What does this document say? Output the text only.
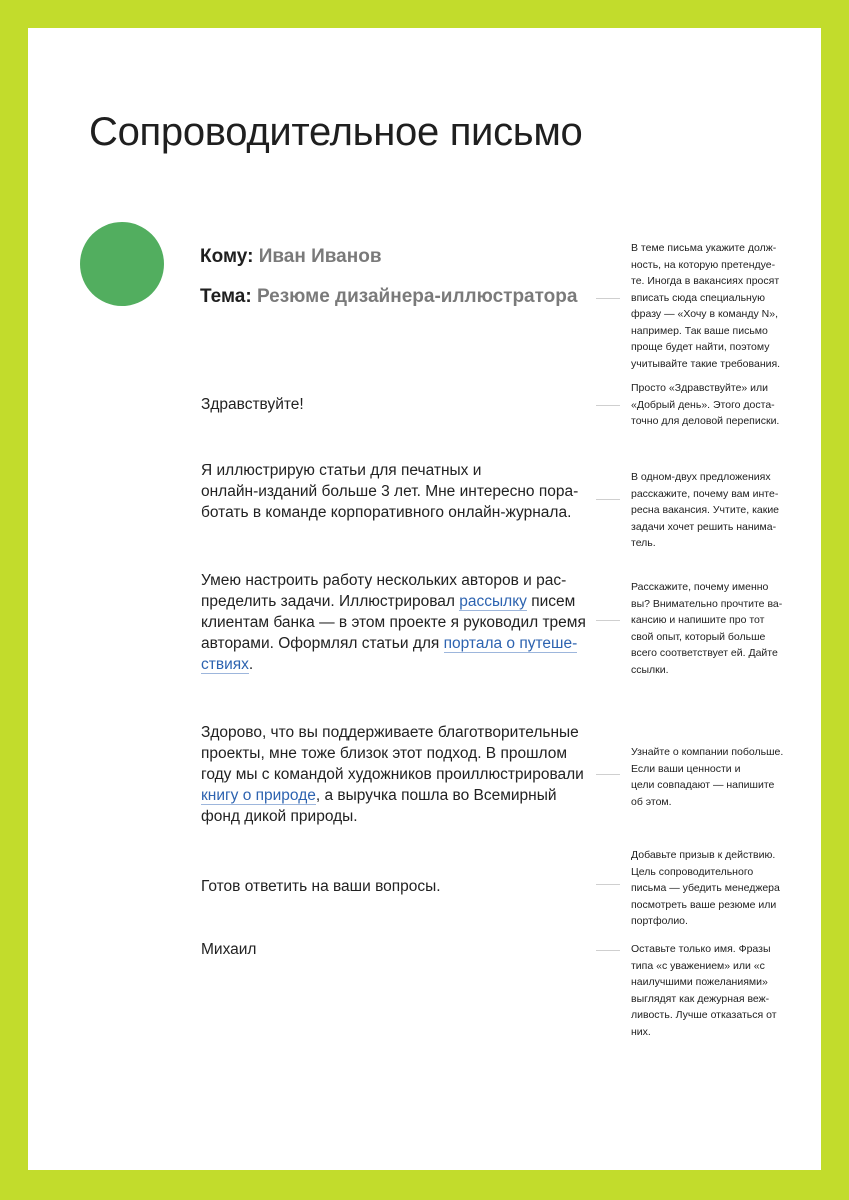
Сопроводительное письмо
Кому: Иван Иванов
Тема: Резюме дизайнера-иллюстратора

Здравствуйте!

Я иллюстрирую статьи для печатных и
онлайн-изданий больше 3 лет. Мне интересно пора-
ботать в команде корпоративного онлайн-журнала.

Умею настроить работу нескольких авторов и рас-
пределить задачи. Иллюстрировал рассылку писем
клиентам банка — в этом проекте я руководил тремя
авторами. Оформлял статьи для портала о путеше-
ствиях.

Здорово, что вы поддерживаете благотворительные
проекты, мне тоже близок этот подход. В прошлом
году мы с командой художников проиллюстрировали
книгу о природе, а выручка пошла во Всемирный
фонд дикой природы.

Готов ответить на ваши вопросы.

Михаил

В теме письма укажите долж-
ность, на которую претендуе-
те. Иногда в вакансиях просят
вписать сюда специальную
фразу — «Хочу в команду N»,
например. Так ваше письмо
проще будет найти, поэтому
учитывайте такие требования.

Просто «Здравствуйте» или
«Добрый день». Этого доста-
точно для деловой переписки.

В одном-двух предложениях
расскажите, почему вам инте-
ресна вакансия. Учтите, какие
задачи хочет решить нанима-
тель.

Расскажите, почему именно
вы? Внимательно прочтите ва-
кансию и напишите про тот
свой опыт, который больше
всего соответствует ей. Дайте
ссылки.

Узнайте о компании побольше.
Если ваши ценности и
цели совпадают — напишите
об этом.

Добавьте призыв к действию.
Цель сопроводительного
письма — убедить менеджера
посмотреть ваше резюме или
портфолио.

Оставьте только имя. Фразы
типа «с уважением» или «с
наилучшими пожеланиями»
выглядят как дежурная веж-
ливость. Лучше отказаться от
них.
